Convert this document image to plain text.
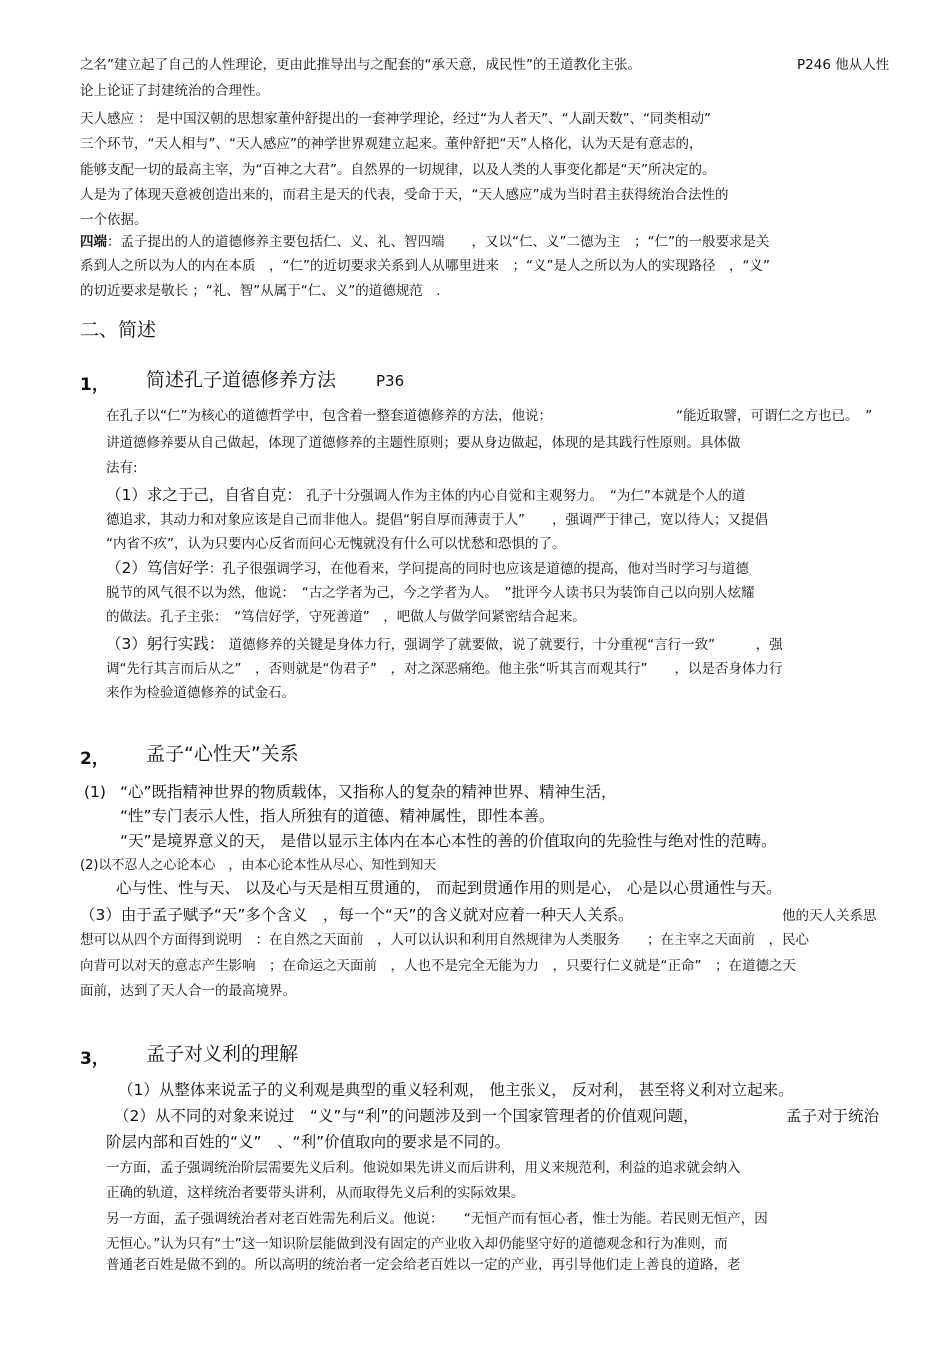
之名”建立起了自己的人性理论，更由此推导出与之配套的“承天意，成民性”的王道教化主张。	P246 他从人性
论上论证了封建统治的合理性。
天人感应 ： 是中国汉朝的思想家董仲舒提出的一套神学理论，经过“为人者天”、“人副天数”、“同类相动”
三个环节，“天人相与”、“天人感应”的神学世界观建立起来。董仲舒把“天”人格化，认为天是有意志的，
能够支配一切的最高主宰，为“百神之大君”。自然界的一切规律，以及人类的人事变化都是“天”所决定的。
人是为了体现天意被创造出来的，而君主是天的代表，受命于天，“天人感应”成为当时君主获得统治合法性的
一个依据。
四端：孟子提出的人的道德修养主要包括仁、义、礼、智四端　　，又以“仁、义”二德为主　；“仁”的一般要求是关
系到人之所以为人的内在本质　，“仁”的近切要求关系到人从哪里进来　；“义”是人之所以为人的实现路径　，“义”
的切近要求是敬长 ；“礼、智”从属于“仁、义”的道德规范　.
二、简述
1， 简述孔子道德修养方法	P36
在孔子以“仁”为核心的道德哲学中，包含着一整套道德修养的方法，他说：	“能近取譬，可谓仁之方也已。　”
讲道德修养要从自己做起，体现了道德修养的主题性原则；要从身边做起，体现的是其践行性原则。具体做
法有:
（1）求之于己，自省自克： 孔子十分强调人作为主体的内心自觉和主观努力。　“为仁”本就是个人的道
德追求，其动力和对象应该是自己而非他人。提倡“躬自厚而薄责于人”　　，强调严于律己，宽以待人；又提倡
“内省不疚”，认为只要内心反省而问心无愧就没有什么可以忧愁和恐惧的了。
（2）笃信好学：孔子很强调学习，在他看来，学问提高的同时也应该是道德的提高，他对当时学习与道德
脱节的风气很不以为然，他说：　“古之学者为己，今之学者为人。　”批评今人读书只为装饰自己以向别人炫耀
的做法。孔子主张：　“笃信好学，守死善道”　，吧做人与做学问紧密结合起来。
（3）躬行实践： 道德修养的关键是身体力行，强调学了就要做，说了就要行，十分重视“言行一致”　　　，强
调“先行其言而后从之”　，否则就是“伪君子”　，对之深恶痛绝。他主张“听其言而观其行”　　，以是否身体力行
来作为检验道德修养的试金石。
2， 孟子“心性天”关系
(1) “心”既指精神世界的物质载体，又指称人的复杂的精神世界、精神生活，
“性”专门表示人性，指人所独有的道德、精神属性，即性本善。
“天”是境界意义的天， 是借以显示主体内在本心本性的善的价值取向的先验性与绝对性的范畴。
(2)以不忍人之心论本心　，由本心论本性从尽心、知性到知天
心与性、性与天、 以及心与天是相互贯通的， 而起到贯通作用的则是心， 心是以心贯通性与天。
（3）由于孟子赋予“天”多个含义　，每一个“天”的含义就对应着一种天人关系。	他的天人关系思
想可以从四个方面得到说明　：在自然之天面前　，人可以认识和利用自然规律为人类服务　　；在主宰之天面前　，民心
向背可以对天的意志产生影响　；在命运之天面前　，人也不是完全无能为力　，只要行仁义就是“正命”　；在道德之天
面前，达到了天人合一的最高境界。
3， 孟子对义利的理解
（1）从整体来说孟子的义利观是典型的重义轻利观， 他主张义， 反对利， 甚至将义利对立起来。
（2）从不同的对象来说过　“义”与“利”的问题涉及到一个国家管理者的价值观问题，	孟子对于统治
阶层内部和百姓的“义”　、“利”价值取向的要求是不同的。
一方面，孟子强调统治阶层需要先义后利。他说如果先讲义而后讲利，用义来规范利，利益的追求就会纳入
正确的轨道，这样统治者要带头讲利，从而取得先义后利的实际效果。
另一方面，孟子强调统治者对老百姓需先利后义。他说：　　“无恒产而有恒心者，惟士为能。若民则无恒产，因
无恒心。”认为只有“士”这一知识阶层能做到没有固定的产业收入却仍能坚守好的道德观念和行为准则，而
普通老百姓是做不到的。所以高明的统治者一定会给老百姓以一定的产业，再引导他们走上善良的道路，老
